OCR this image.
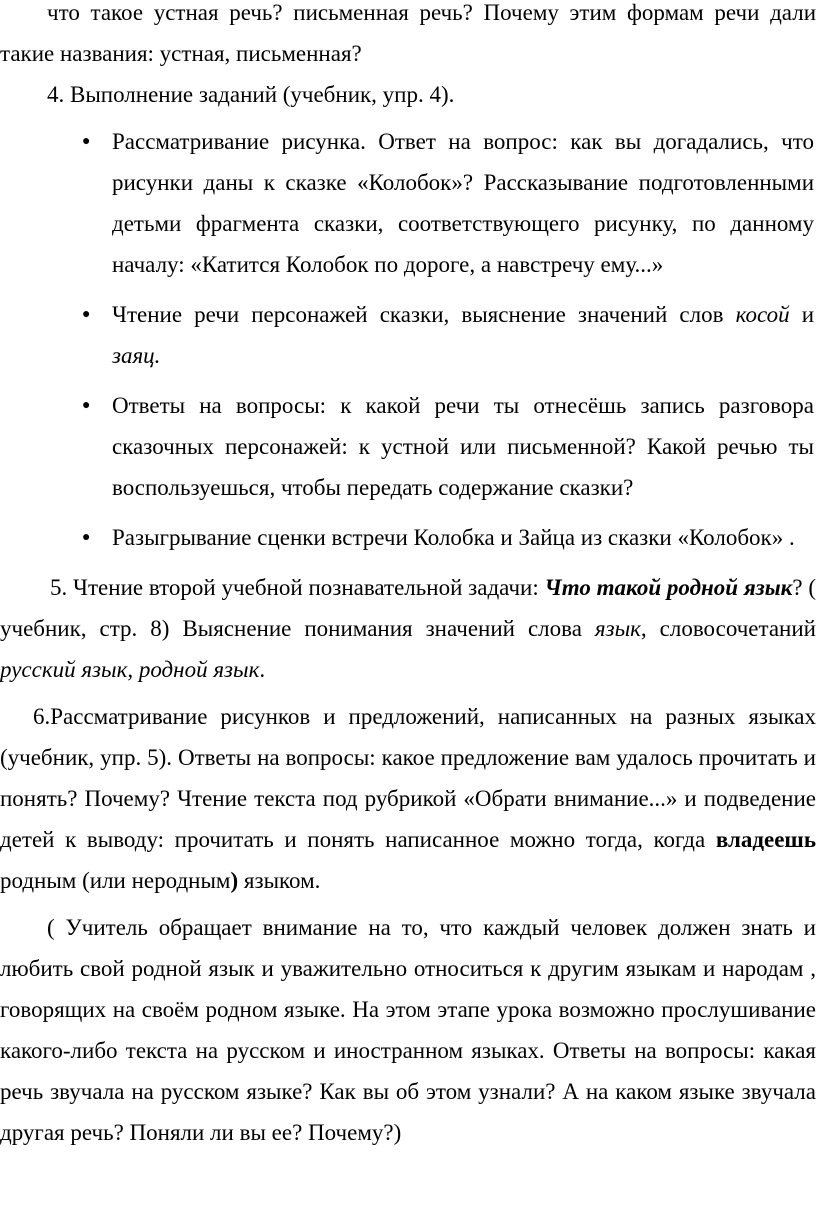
что такое устная речь? письменная речь? Почему этим формам речи дали такие названия: устная, письменная?

4. Выполнение заданий (учебник, упр. 4).

● Рассматривание рисунка. Ответ на вопрос: как вы догадались, что рисунки даны к сказке «Колобок»? Рассказывание подготовленными детьми фрагмента сказки, соответствующего рисунку, по данному началу: «Катится Колобок по дороге, а навстречу ему...»
● Чтение речи персонажей сказки, выяснение значений слов косой и заяц.
● Ответы на вопросы: к какой речи ты отнесёшь запись разговора сказочных персонажей: к устной или письменной? Какой речью ты воспользуешься, чтобы передать содержание сказки?
● Разыгрывание сценки встречи Колобка и Зайца из сказки «Колобок» .

5. Чтение второй учебной познавательной задачи: Что такой родной язык? ( учебник, стр. 8) Выяснение понимания значений слова язык, словосочетаний русский язык, родной язык.

6.Рассматривание рисунков и предложений, написанных на разных языках (учебник, упр. 5). Ответы на вопросы: какое предложение вам удалось прочитать и понять? Почему? Чтение текста под рубрикой «Обрати внимание...» и подведение детей к выводу: прочитать и понять написанное можно тогда, когда владеешь родным (или неродным) языком.

( Учитель обращает внимание на то, что каждый человек должен знать и любить свой родной язык и уважительно относиться к другим языкам и народам , говорящих на своём родном языке. На этом этапе урока возможно прослушивание какого-либо текста на русском и иностранном языках. Ответы на вопросы: какая речь звучала на русском языке? Как вы об этом узнали? А на каком языке звучала другая речь? Поняли ли вы ее? Почему?)
